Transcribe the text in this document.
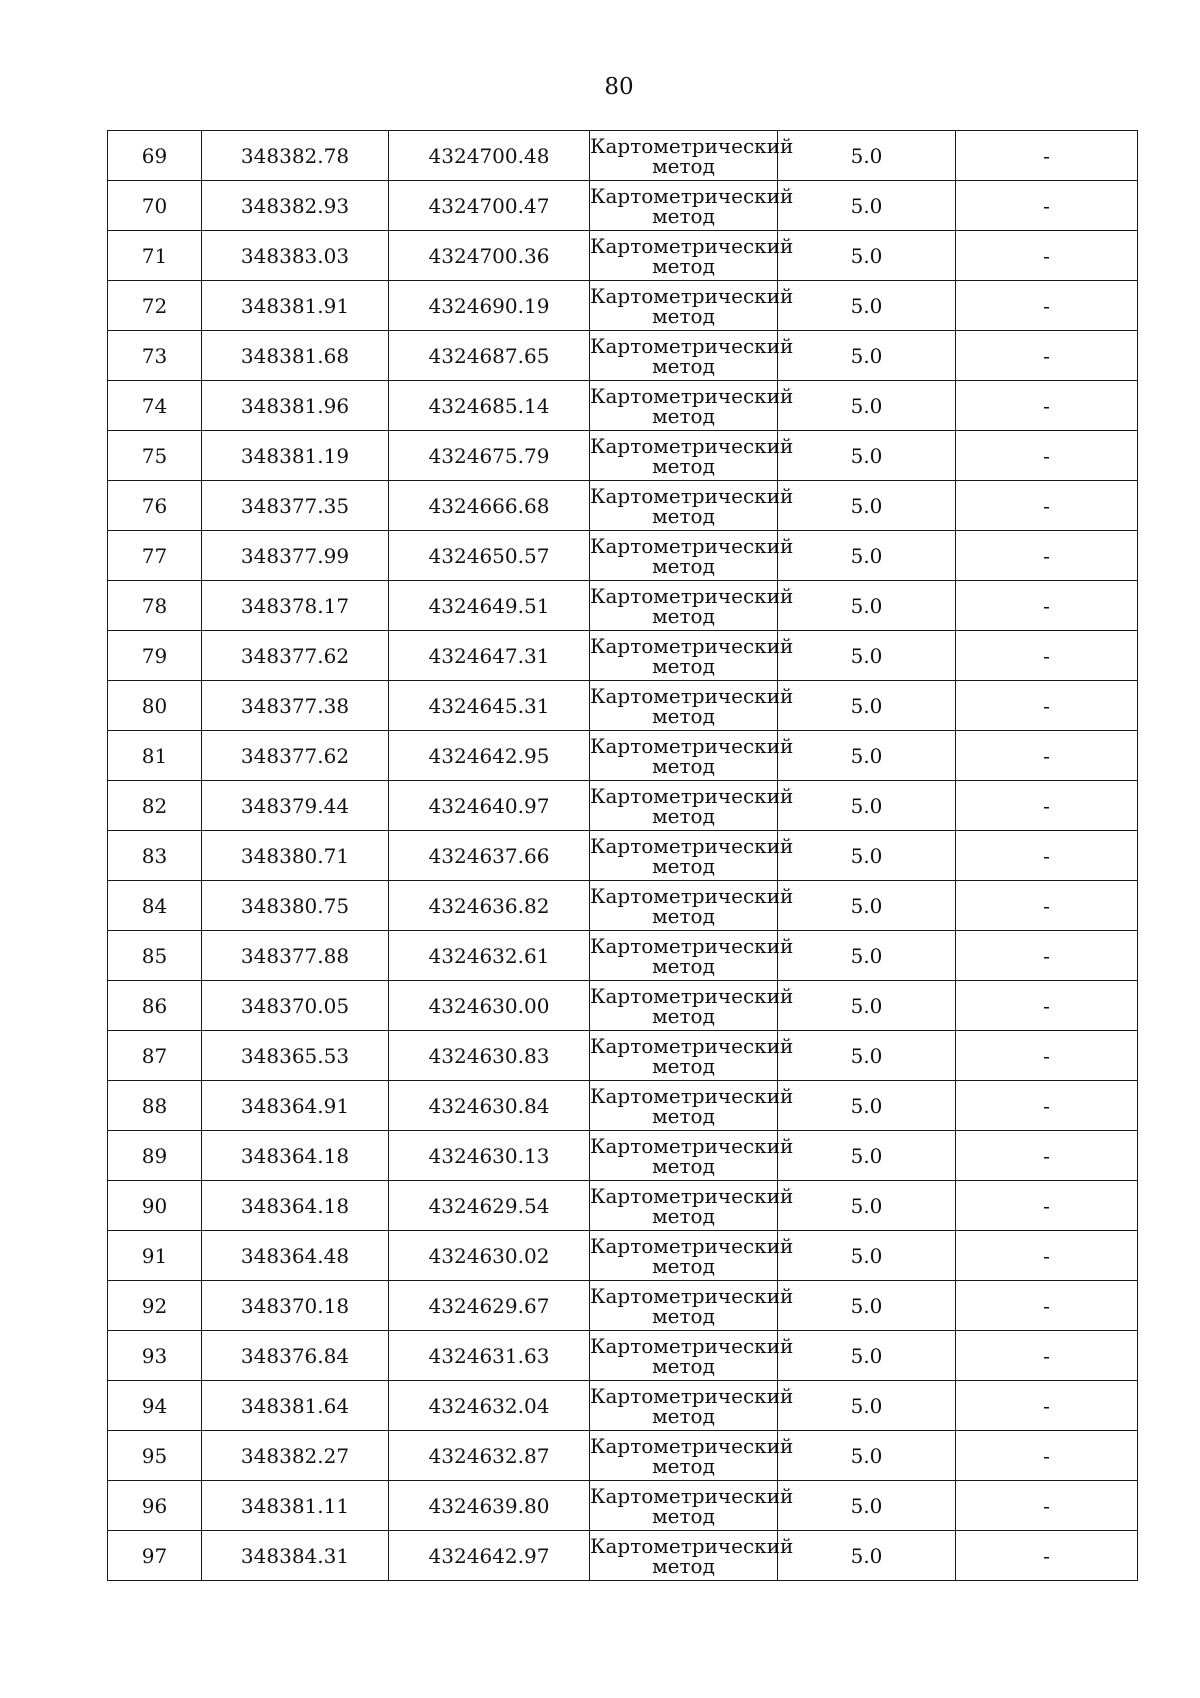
80
69	348382.78	4324700.48	Картометрический метод	5.0	-
70	348382.93	4324700.47	Картометрический метод	5.0	-
71	348383.03	4324700.36	Картометрический метод	5.0	-
72	348381.91	4324690.19	Картометрический метод	5.0	-
73	348381.68	4324687.65	Картометрический метод	5.0	-
74	348381.96	4324685.14	Картометрический метод	5.0	-
75	348381.19	4324675.79	Картометрический метод	5.0	-
76	348377.35	4324666.68	Картометрический метод	5.0	-
77	348377.99	4324650.57	Картометрический метод	5.0	-
78	348378.17	4324649.51	Картометрический метод	5.0	-
79	348377.62	4324647.31	Картометрический метод	5.0	-
80	348377.38	4324645.31	Картометрический метод	5.0	-
81	348377.62	4324642.95	Картометрический метод	5.0	-
82	348379.44	4324640.97	Картометрический метод	5.0	-
83	348380.71	4324637.66	Картометрический метод	5.0	-
84	348380.75	4324636.82	Картометрический метод	5.0	-
85	348377.88	4324632.61	Картометрический метод	5.0	-
86	348370.05	4324630.00	Картометрический метод	5.0	-
87	348365.53	4324630.83	Картометрический метод	5.0	-
88	348364.91	4324630.84	Картометрический метод	5.0	-
89	348364.18	4324630.13	Картометрический метод	5.0	-
90	348364.18	4324629.54	Картометрический метод	5.0	-
91	348364.48	4324630.02	Картометрический метод	5.0	-
92	348370.18	4324629.67	Картометрический метод	5.0	-
93	348376.84	4324631.63	Картометрический метод	5.0	-
94	348381.64	4324632.04	Картометрический метод	5.0	-
95	348382.27	4324632.87	Картометрический метод	5.0	-
96	348381.11	4324639.80	Картометрический метод	5.0	-
97	348384.31	4324642.97	Картометрический метод	5.0	-
